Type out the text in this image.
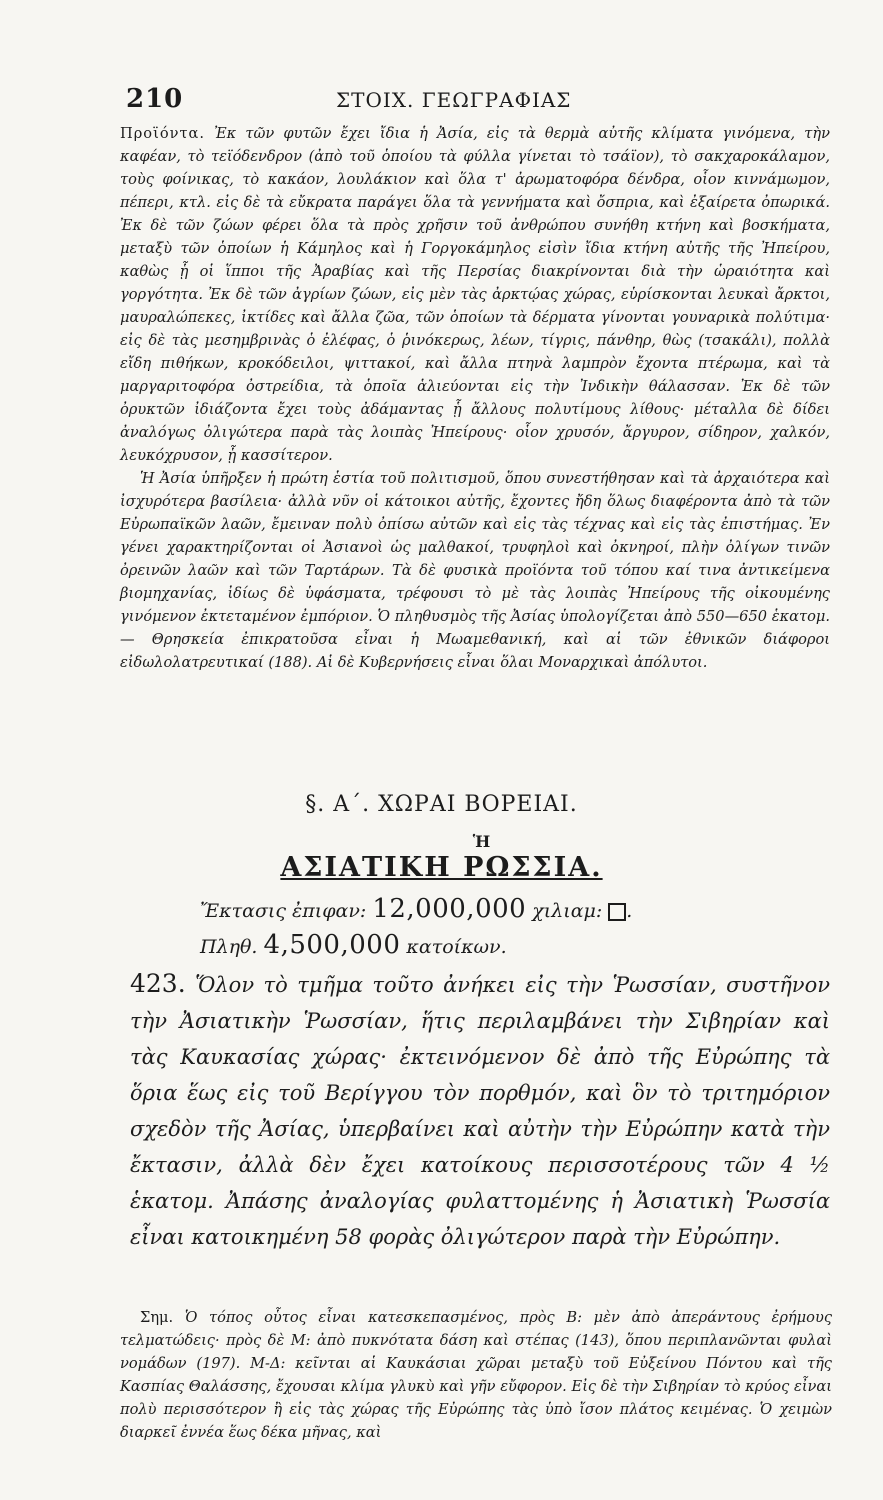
210	ΣΤΟΙΧ. ΓΕΩΓΡΑΦΙΑΣ

Προϊόντα. Ἐκ τῶν φυτῶν ἔχει ἴδια ἡ Ἀσία, εἰς τὰ θερμὰ αὐτῆς κλίματα γινόμενα, τὴν καφέαν, τὸ τεϊόδενδρον (ἀπὸ τοῦ ὁποίου τὰ φύλλα γίνεται τὸ τσάϊον), τὸ σακχαροκάλαμον, τοὺς φοίνικας, τὸ κακάον, λουλάκιον καὶ ὅλα τ' ἀρωματοφόρα δένδρα, οἷον κιννάμωμον, πέπερι, κτλ. εἰς δὲ τὰ εὔκρατα παράγει ὅλα τὰ γεννήματα καὶ ὄσπρια, καὶ ἐξαίρετα ὀπωρικά. Ἐκ δὲ τῶν ζώων φέρει ὅλα τὰ πρὸς χρῆσιν τοῦ ἀνθρώπου συνήθη κτήνη καὶ βοσκήματα, μεταξὺ τῶν ὁποίων ἡ Κάμηλος καὶ ἡ Γοργοκάμηλος εἰσὶν ἴδια κτήνη αὐτῆς τῆς Ἠπείρου, καθὼς ᾗ οἱ ἵπποι τῆς Ἀραβίας καὶ τῆς Περσίας διακρίνονται διὰ τὴν ὡραιότητα καὶ γοργότητα. Ἐκ δὲ τῶν ἀγρίων ζώων, εἰς μὲν τὰς ἀρκτῴας χώρας, εὑρίσκονται λευκαὶ ἄρκτοι, μαυραλώπεκες, ἰκτίδες καὶ ἄλλα ζῶα, τῶν ὁποίων τὰ δέρματα γίνονται γουναρικὰ πολύτιμα· εἰς δὲ τὰς μεσημβρινὰς ὁ ἐλέφας, ὁ ῥινόκερως, λέων, τίγρις, πάνθηρ, θὼς (τσακάλι), πολλὰ εἴδη πιθήκων, κροκόδειλοι, ψιττακοί, καὶ ἄλλα πτηνὰ λαμπρὸν ἔχοντα πτέρωμα, καὶ τὰ μαργαριτοφόρα ὀστρείδια, τὰ ὁποῖα ἁλιεύονται εἰς τὴν Ἰνδικὴν θάλασσαν. Ἐκ δὲ τῶν ὀρυκτῶν ἰδιάζοντα ἔχει τοὺς ἀδάμαντας ᾗ ἄλλους πολυτίμους λίθους· μέταλλα δὲ δίδει ἀναλόγως ὀλιγώτερα παρὰ τὰς λοιπὰς Ἠπείρους· οἷον χρυσόν, ἄργυρον, σίδηρον, χαλκόν, λευκόχρυσον, ᾗ κασσίτερον.

Ἡ Ἀσία ὑπῆρξεν ἡ πρώτη ἑστία τοῦ πολιτισμοῦ, ὅπου συνεστήθησαν καὶ τὰ ἀρχαιότερα καὶ ἰσχυρότερα βασίλεια· ἀλλὰ νῦν οἱ κάτοικοι αὐτῆς, ἔχοντες ἤδη ὅλως διαφέροντα ἀπὸ τὰ τῶν Εὐρωπαϊκῶν λαῶν, ἔμειναν πολὺ ὀπίσω αὐτῶν καὶ εἰς τὰς τέχνας καὶ εἰς τὰς ἐπιστήμας. Ἐν γένει χαρακτηρίζονται οἱ Ἀσιανοὶ ὡς μαλθακοί, τρυφηλοὶ καὶ ὀκνηροί, πλὴν ὀλίγων τινῶν ὀρεινῶν λαῶν καὶ τῶν Ταρτάρων. Τὰ δὲ φυσικὰ προϊόντα τοῦ τόπου καί τινα ἀντικείμενα βιομηχανίας, ἰδίως δὲ ὑφάσματα, τρέφουσι τὸ μὲ τὰς λοιπὰς Ἠπείρους τῆς οἰκουμένης γινόμενον ἐκτεταμένον ἐμπόριον. Ὁ πληθυσμὸς τῆς Ἀσίας ὑπολογίζεται ἀπὸ 550—650 ἑκατομ.— Θρησκεία ἐπικρατοῦσα εἶναι ἡ Μωαμεθανική, καὶ αἱ τῶν ἐθνικῶν διάφοροι εἰδωλολατρευτικαί (188). Αἱ δὲ Κυβερνήσεις εἶναι ὅλαι Μοναρχικαὶ ἀπόλυτοι.

§. Α΄. ΧΩΡΑΙ ΒΟΡΕΙΑΙ.
Ἡ
ΑΣΙΑΤΙΚΗ ΡΩΣΣΙΑ.
Ἔκτασις ἐπιφαν: 12,000,000 χιλιαμ: .
Πληθ. 4,500,000 κατοίκων.

423. Ὅλον τὸ τμῆμα τοῦτο ἀνήκει εἰς τὴν Ῥωσσίαν, συστῆνον τὴν Ἀσιατικὴν Ῥωσσίαν, ἥτις περιλαμβάνει τὴν Σιβηρίαν καὶ τὰς Καυκασίας χώρας· ἐκτεινόμενον δὲ ἀπὸ τῆς Εὐρώπης τὰ ὅρια ἕως εἰς τοῦ Βερίγγου τὸν πορθμόν, καὶ ὃν τὸ τριτημόριον σχεδὸν τῆς Ἀσίας, ὑπερβαίνει καὶ αὐτὴν τὴν Εὐρώπην κατὰ τὴν ἔκτασιν, ἀλλὰ δὲν ἔχει κατοίκους περισσοτέρους τῶν 4 ½ ἑκατομ. Ἀπάσης ἀναλογίας φυλαττομένης ἡ Ἀσιατικὴ Ῥωσσία εἶναι κατοικημένη 58 φορὰς ὀλιγώτερον παρὰ τὴν Εὐρώπην.

Σημ. Ὁ τόπος οὗτος εἶναι κατεσκεπασμένος, πρὸς Β: μὲν ἀπὸ ἀπεράντους ἐρήμους τελματώδεις· πρὸς δὲ Μ: ἀπὸ πυκνότατα δάση καὶ στέπας (143), ὅπου περιπλανῶνται φυλαὶ νομάδων (197). Μ-Δ: κεῖνται αἱ Καυκάσιαι χῶραι μεταξὺ τοῦ Εὐξείνου Πόντου καὶ τῆς Κασπίας Θαλάσσης, ἔχουσαι κλίμα γλυκὺ καὶ γῆν εὔφορον. Εἰς δὲ τὴν Σιβηρίαν τὸ κρύος εἶναι πολὺ περισσότερον ἢ εἰς τὰς χώρας τῆς Εὐρώπης τὰς ὑπὸ ἴσον πλάτος κειμένας. Ὁ χειμὼν διαρκεῖ ἐννέα ἕως δέκα μῆνας, καὶ
